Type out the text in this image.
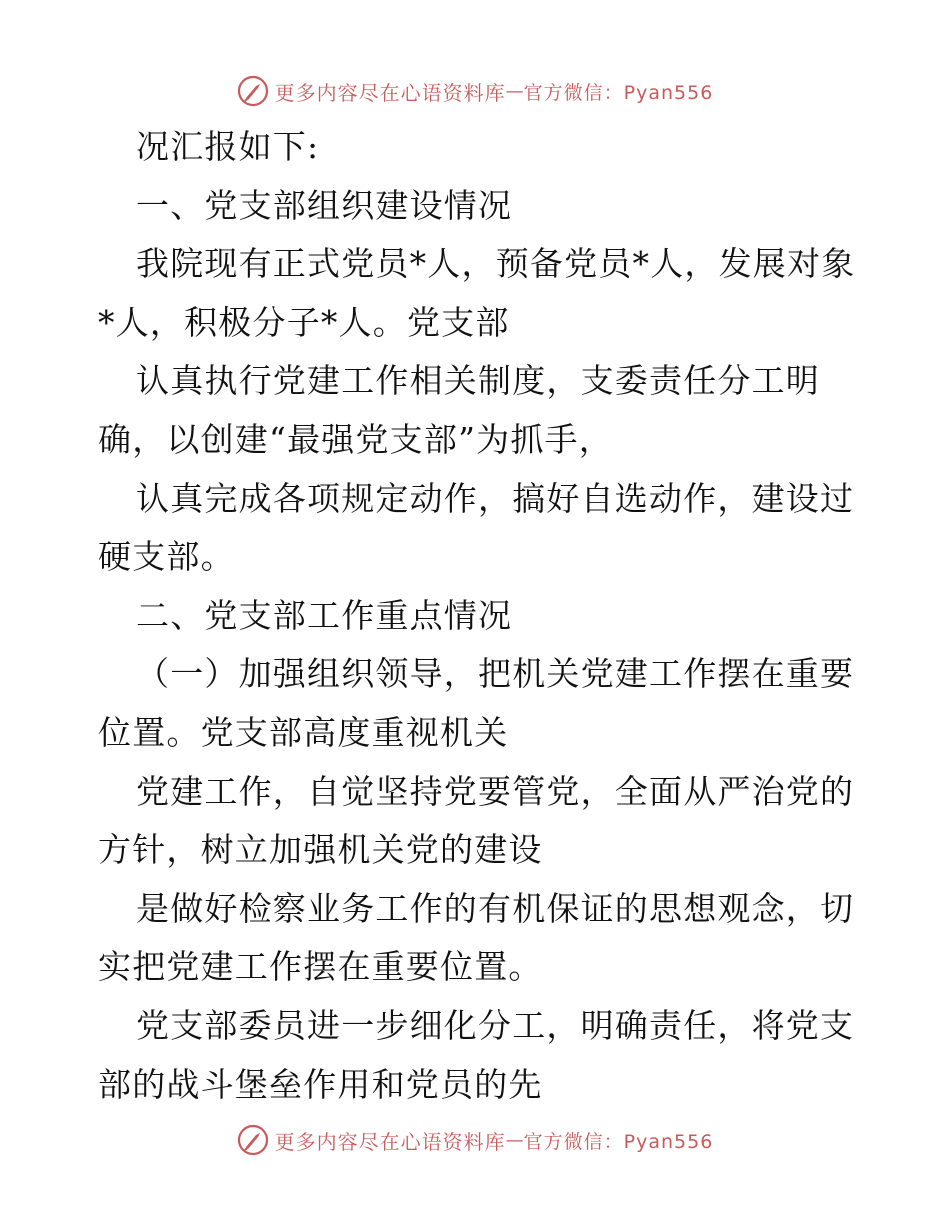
更多内容尽在心语资料库 — 官方微信：Pyan556

况汇报如下:

一、党支部组织建设情况

我院现有正式党员*人，预备党员*人，发展对象*人，积极分子*人。党支部

认真执行党建工作相关制度，支委责任分工明确，以创建“最强党支部”为抓手，

认真完成各项规定动作，搞好自选动作，建设过硬支部。

二、党支部工作重点情况

（一）加强组织领导，把机关党建工作摆在重要位置。党支部高度重视机关

党建工作，自觉坚持党要管党，全面从严治党的方针，树立加强机关党的建设

是做好检察业务工作的有机保证的思想观念，切实把党建工作摆在重要位置。

党支部委员进一步细化分工，明确责任，将党支部的战斗堡垒作用和党员的先

更多内容尽在心语资料库 — 官方微信：Pyan556
